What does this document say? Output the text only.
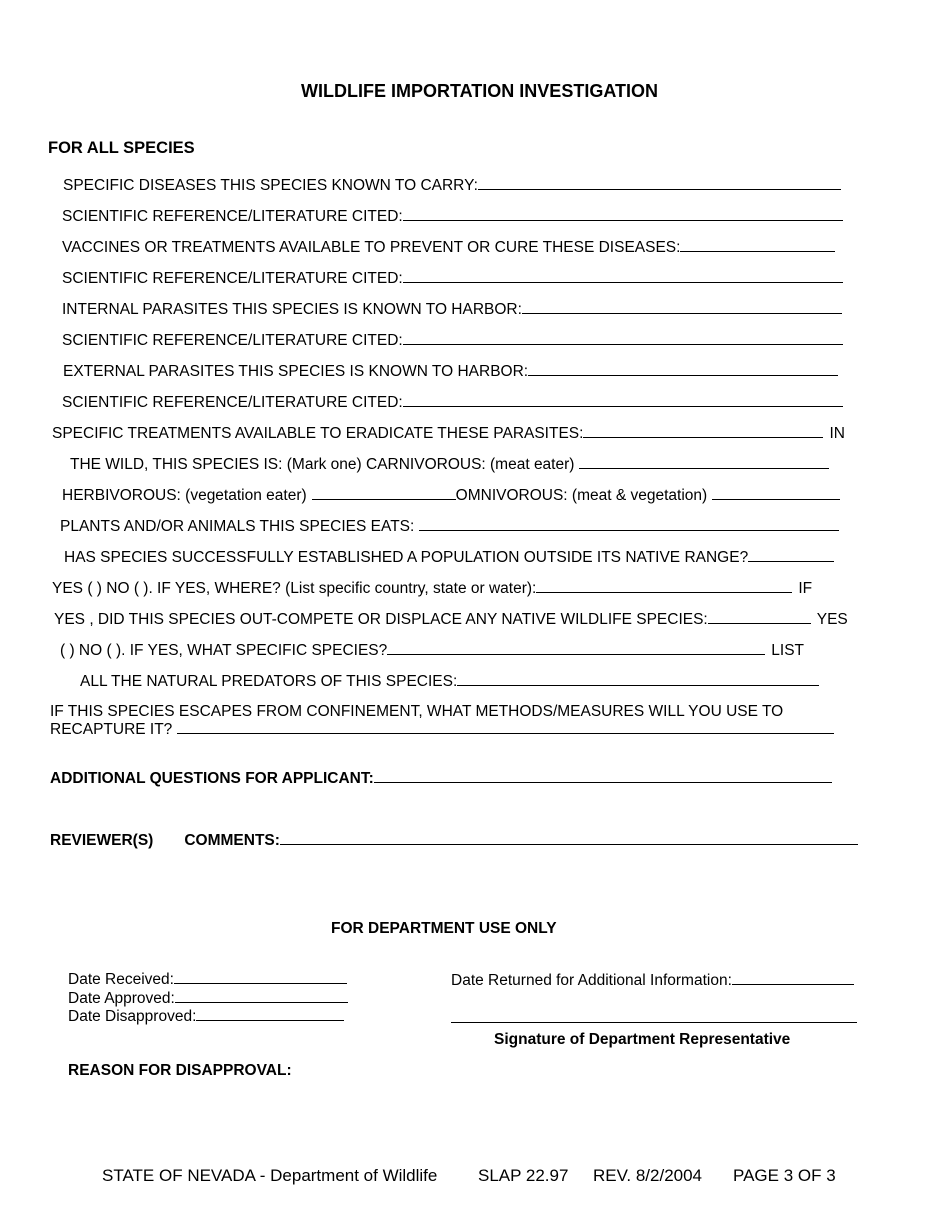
WILDLIFE IMPORTATION INVESTIGATION
FOR ALL SPECIES
SPECIFIC DISEASES THIS SPECIES KNOWN TO CARRY:
SCIENTIFIC REFERENCE/LITERATURE CITED:
VACCINES OR TREATMENTS AVAILABLE TO PREVENT OR CURE THESE DISEASES:
SCIENTIFIC REFERENCE/LITERATURE CITED:
INTERNAL PARASITES THIS SPECIES IS KNOWN TO HARBOR:
SCIENTIFIC REFERENCE/LITERATURE CITED:
EXTERNAL PARASITES THIS SPECIES IS KNOWN TO HARBOR:
SCIENTIFIC REFERENCE/LITERATURE CITED:
SPECIFIC TREATMENTS AVAILABLE TO ERADICATE THESE PARASITES:	IN
THE WILD, THIS SPECIES IS: (Mark one) CARNIVOROUS: (meat eater)
HERBIVOROUS: (vegetation eater)	OMNIVOROUS: (meat & vegetation)
PLANTS AND/OR ANIMALS THIS SPECIES EATS:
HAS SPECIES SUCCESSFULLY ESTABLISHED A POPULATION OUTSIDE ITS NATIVE RANGE?
YES ( ) NO ( ). IF YES, WHERE? (List specific country, state or water):	IF
YES , DID THIS SPECIES OUT-COMPETE OR DISPLACE ANY NATIVE WILDLIFE SPECIES:	YES
( ) NO ( ). IF YES, WHAT SPECIFIC SPECIES?	LIST
ALL THE NATURAL PREDATORS OF THIS SPECIES:
IF THIS SPECIES ESCAPES FROM CONFINEMENT, WHAT METHODS/MEASURES WILL YOU USE TO
RECAPTURE IT?
ADDITIONAL QUESTIONS FOR APPLICANT:
REVIEWER(S) COMMENTS:
FOR DEPARTMENT USE ONLY
Date Received:
Date Approved:
Date Disapproved:
Date Returned for Additional Information:
Signature of Department Representative
REASON FOR DISAPPROVAL:
STATE OF NEVADA - Department of Wildlife SLAP 22.97 REV. 8/2/2004 PAGE 3 OF 3
